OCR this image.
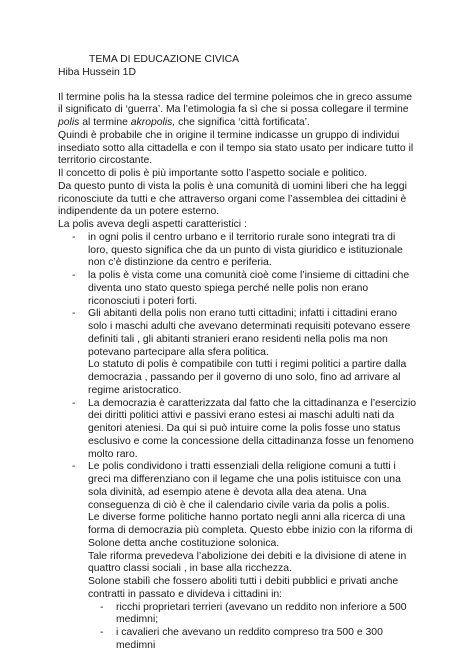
TEMA DI EDUCAZIONE CIVICA

Hiba Hussein 1D

Il termine polis ha la stessa radice del termine poleimos che in greco assume il significato di ‘guerra’. Ma l’etimologia fa sì che si possa collegare il termine polis al termine akropolis, che significa ‘città fortificata’.

Quindi è probabile che in origine il termine indicasse un gruppo di individui insediato sotto alla cittadella e con il tempo sia stato usato per indicare tutto il territorio circostante.

Il concetto di polis è più importante sotto l’aspetto sociale e politico.

Da questo punto di vista la polis è una comunità di uomini liberi che ha leggi riconosciute da tutti e che attraverso organi come l’assemblea dei cittadini è indipendente da un potere esterno.

La polis aveva degli aspetti caratteristici :

- in ogni polis il centro urbano e il territorio rurale sono integrati tra di loro, questo significa che da un punto di vista giuridico e istituzionale non c’è distinzione da centro e periferia.
- la polis è vista come una comunità cioè come l’insieme di cittadini che diventa uno stato questo spiega perché nelle polis non erano riconosciuti i poteri forti.
- Gli abitanti della polis non erano tutti cittadini; infatti i cittadini erano solo i maschi adulti che avevano determinati requisiti potevano essere definiti tali , gli abitanti stranieri erano residenti nella polis ma non potevano partecipare alla sfera politica.
Lo statuto di polis è compatibile con tutti i regimi politici a partire dalla democrazia , passando per il governo di uno solo, fino ad arrivare al regime aristocratico.
- La democrazia è caratterizzata dal fatto che la cittadinanza e l’esercizio dei diritti politici attivi e passivi erano estesi ai maschi adulti nati da genitori ateniesi. Da qui si può intuire come la polis fosse uno status esclusivo e come la concessione della cittadinanza fosse un fenomeno molto raro.
- Le polis condividono i tratti essenziali della religione comuni a tutti i greci ma differenziano con il legame che una polis istituisce con una sola divinità, ad esempio atene è devota alla dea atena. Una conseguenza di ciò è che il calendario civile varia da polis a polis.
Le diverse forme politiche hanno portato negli anni alla ricerca di una forma di democrazia più completa. Questo ebbe inizio con la riforma di Solone detta anche costituzione solonica.
Tale riforma prevedeva l’abolizione dei debiti e la divisione di atene in quattro classi sociali , in base alla ricchezza.
Solone stabilì che fossero aboliti tutti i debiti pubblici e privati anche contratti in passato e divideva i cittadini in:
- ricchi proprietari terrieri (avevano un reddito non inferiore a 500 medimni;
- i cavalieri che avevano un reddito compreso tra 500 e 300 medimni
